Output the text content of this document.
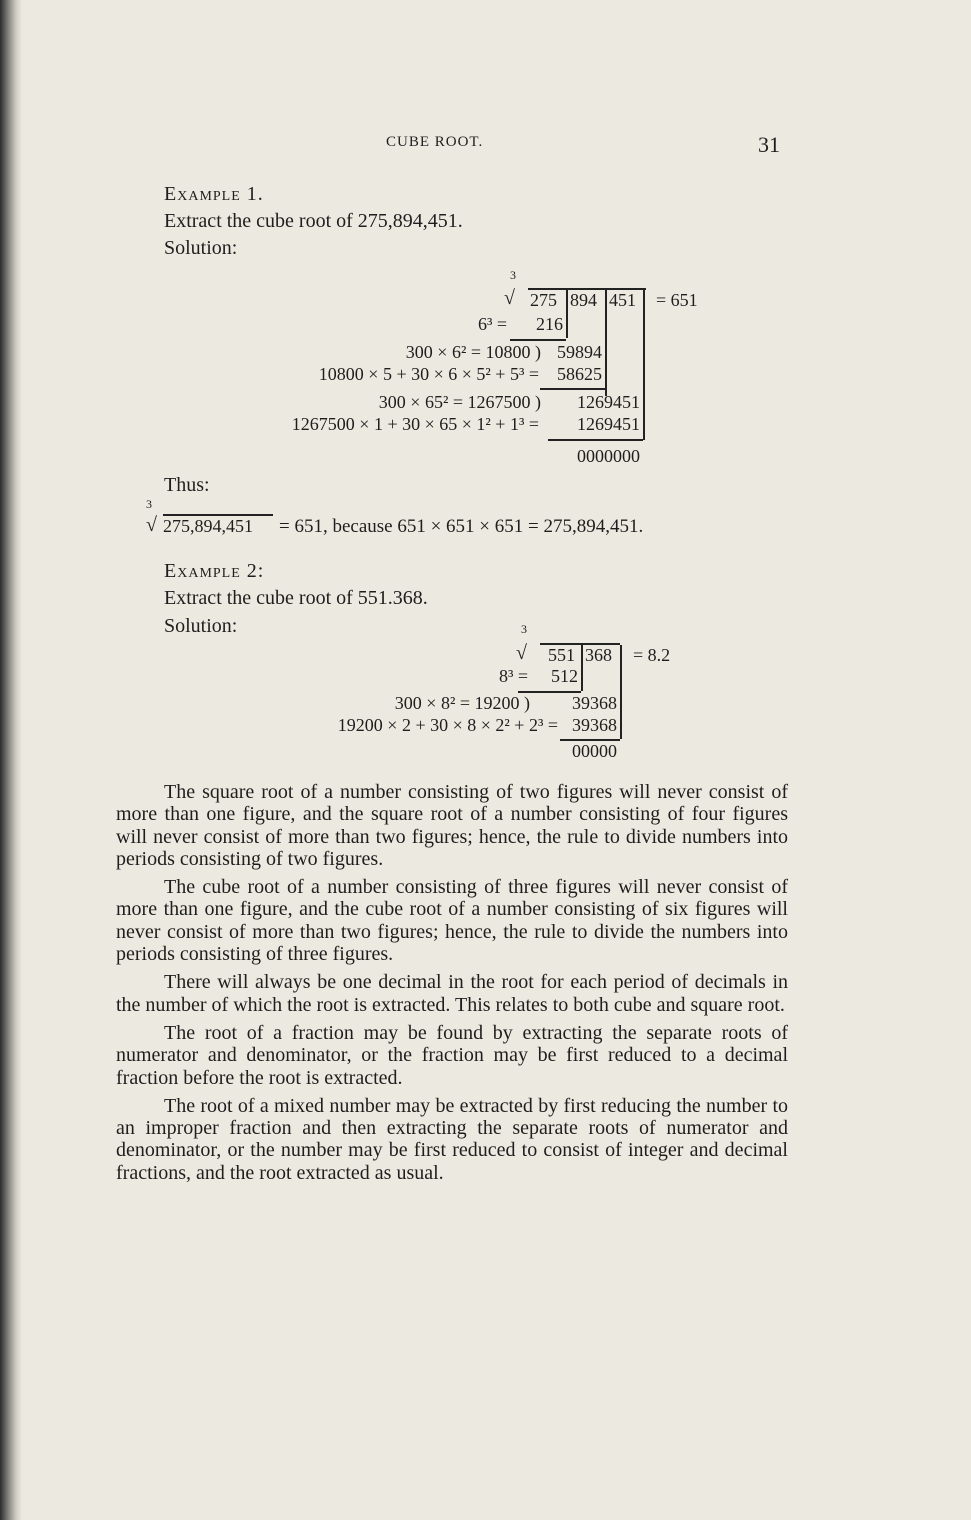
CUBE ROOT.	31
Example 1.
Extract the cube root of 275,894,451.
Solution:
3
√ 275 894 451 = 651
6³ = 216
300 × 6² = 10800 ) 59894
10800 × 5 + 30 × 6 × 5² + 5³ = 58625
300 × 65² = 1267500 ) 1269451
1267500 × 1 + 30 × 65 × 1² + 1³ = 1269451
0000000
Thus:
3
√ 275,894,451 = 651, because 651 × 651 × 651 = 275,894,451.
Example 2:
Extract the cube root of 551.368.
Solution:	3
√ 551 368 = 8.2
8³ = 512
300 × 8² = 19200 ) 39368
19200 × 2 + 30 × 8 × 2² + 2³ = 39368
00000

The square root of a number consisting of two figures will never consist of more than one figure, and the square root of a number consisting of four figures will never consist of more than two figures; hence, the rule to divide numbers into periods consisting of two figures.

The cube root of a number consisting of three figures will never consist of more than one figure, and the cube root of a number consisting of six figures will never consist of more than two figures; hence, the rule to divide the numbers into periods consisting of three figures.

There will always be one decimal in the root for each period of decimals in the number of which the root is extracted. This relates to both cube and square root.

The root of a fraction may be found by extracting the separate roots of numerator and denominator, or the fraction may be first reduced to a decimal fraction before the root is extracted.

The root of a mixed number may be extracted by first reducing the number to an improper fraction and then extracting the separate roots of numerator and denominator, or the number may be first reduced to consist of integer and decimal fractions, and the root extracted as usual.
